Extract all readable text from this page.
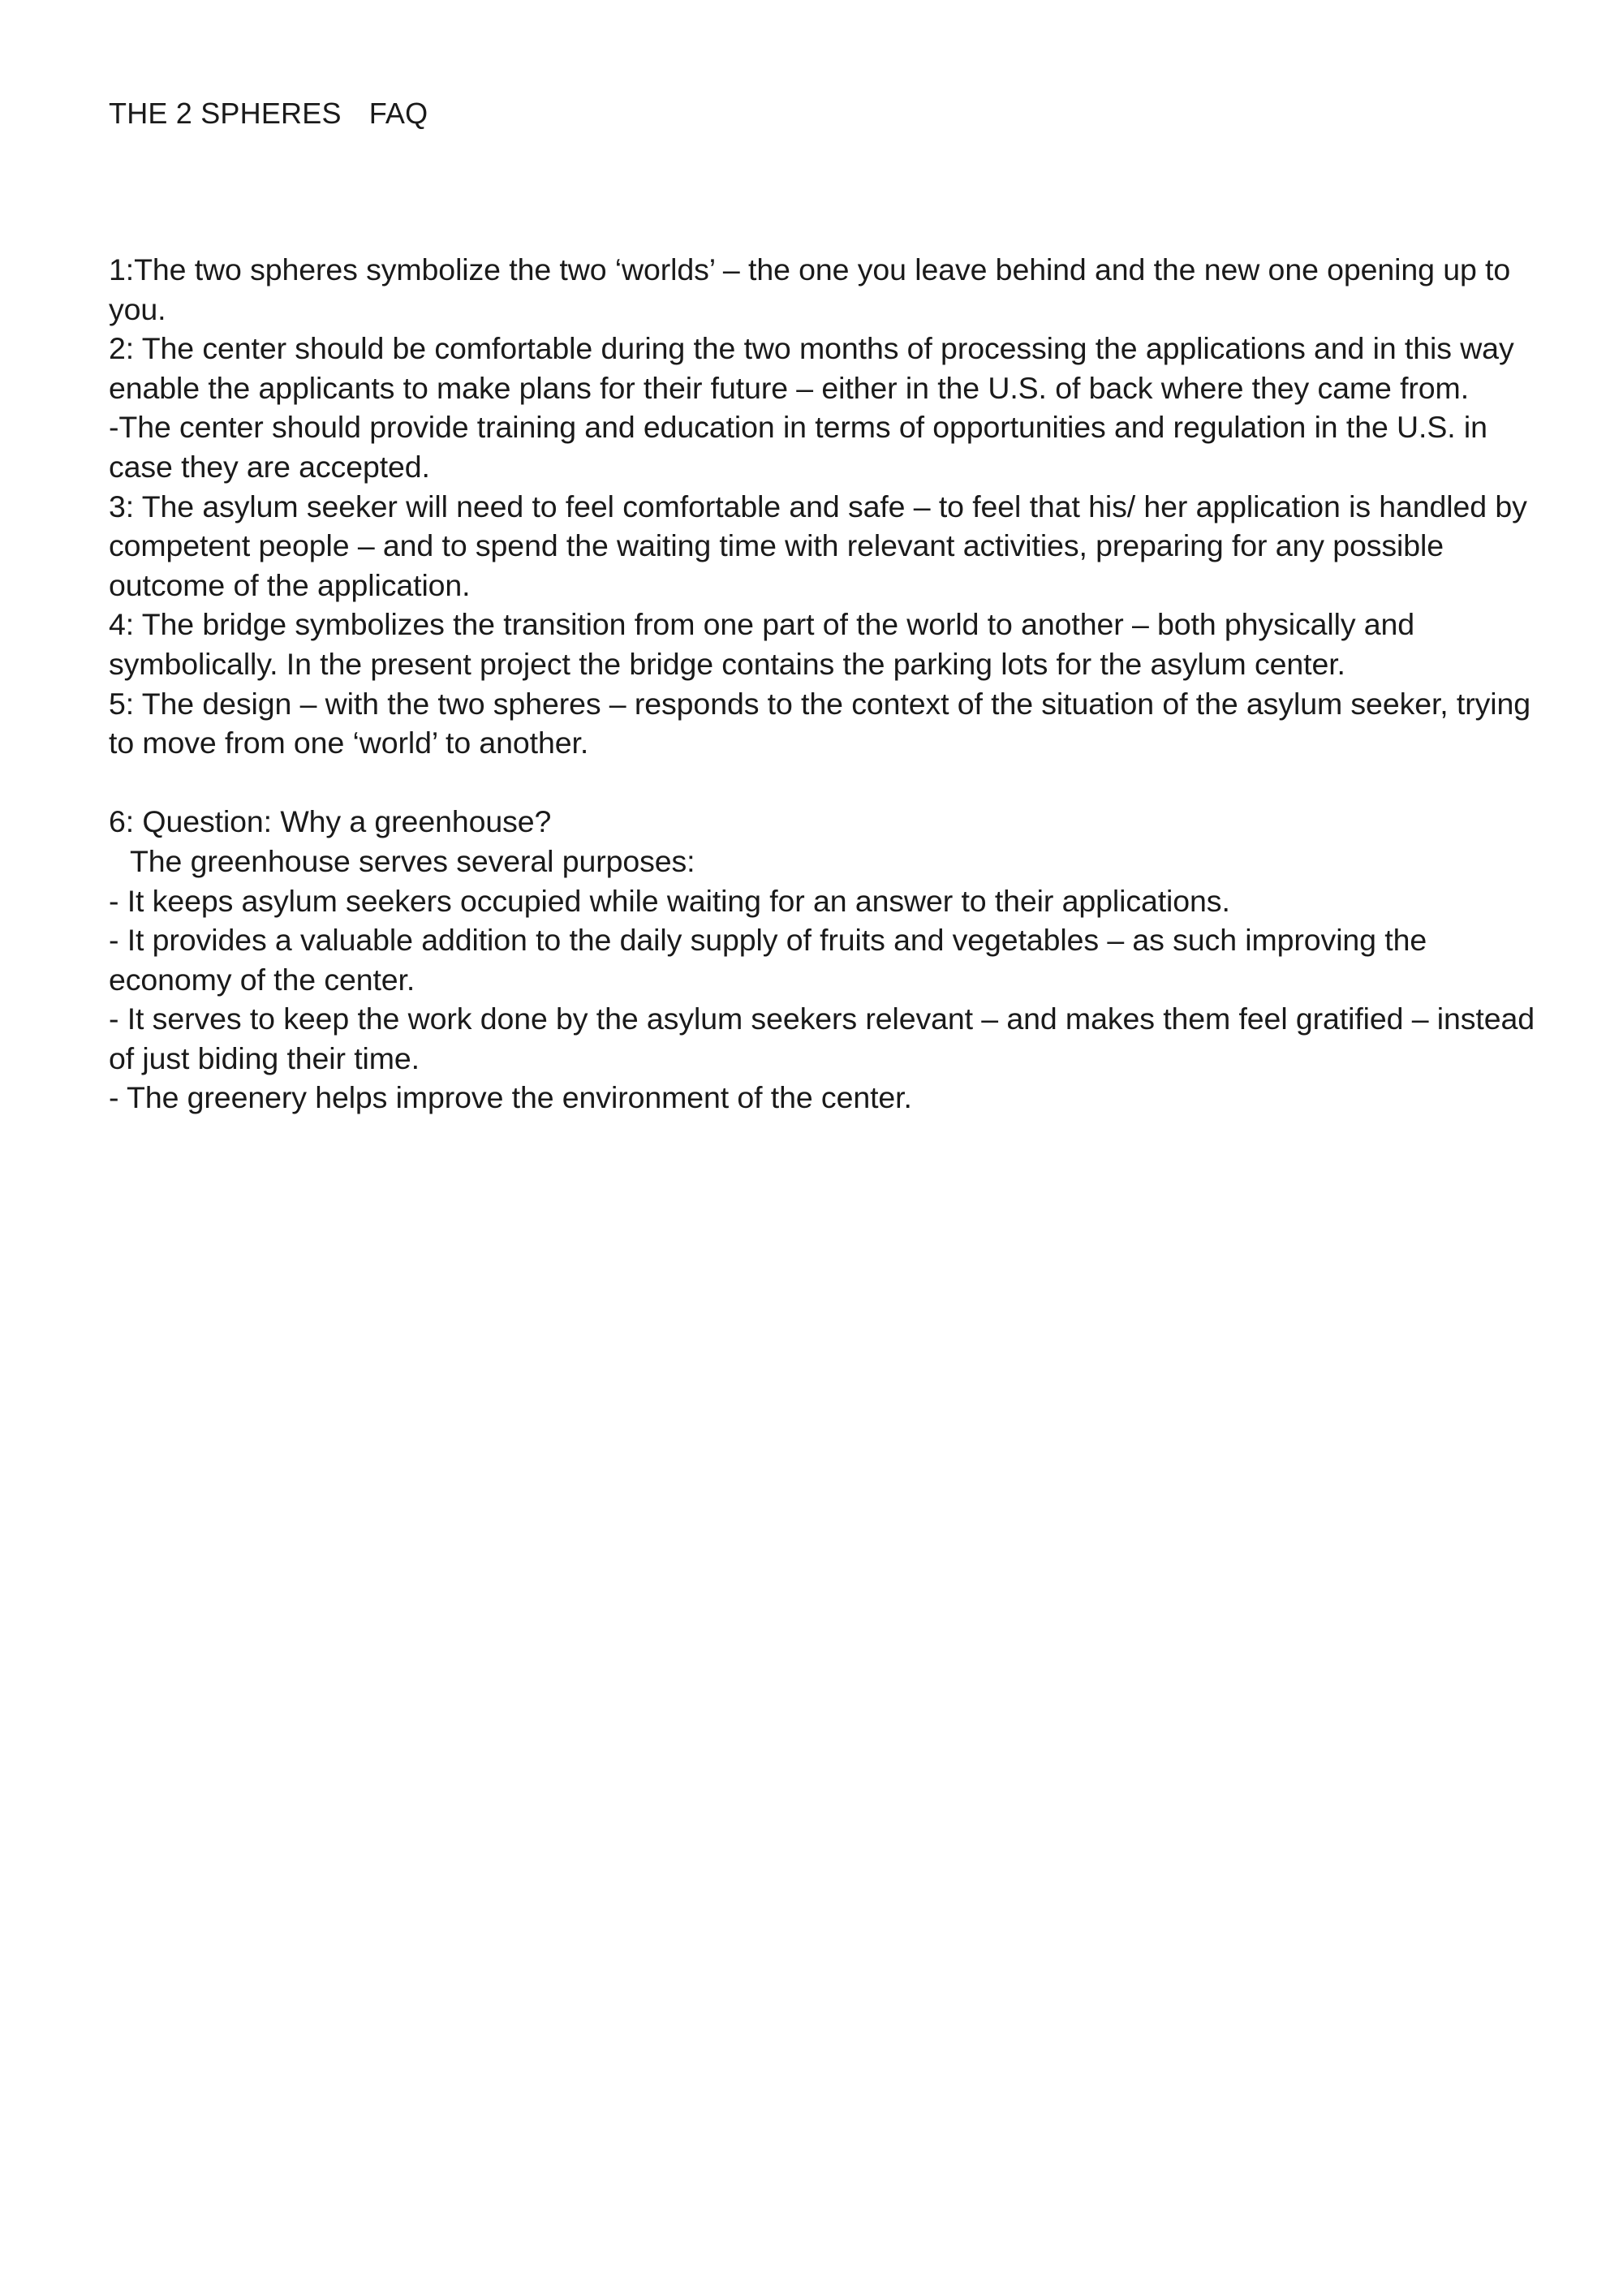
THE 2 SPHERES FAQ

1:The two spheres symbolize the two ‘worlds’ – the one you leave behind and the new one opening up to you.

2: The center should be comfortable during the two months of processing the applications and in this way enable the applicants to make plans for their future – either in the U.S. of back where they came from.

-The center should provide training and education in terms of opportunities and regulation in the U.S. in case they are accepted.

3: The asylum seeker will need to feel comfortable and safe – to feel that his/ her application is handled by competent people – and to spend the waiting time with relevant activities, preparing for any possible outcome of the application.

4: The bridge symbolizes the transition from one part of the world to another – both physically and symbolically. In the present project the bridge contains the parking lots for the asylum center.

5: The design – with the two spheres – responds to the context of the situation of the asylum seeker, trying to move from one ‘world’ to another.

6: Question: Why a greenhouse?

The greenhouse serves several purposes:

- It keeps asylum seekers occupied while waiting for an answer to their applications.

- It provides a valuable addition to the daily supply of fruits and vegetables – as such improving the economy of the center.

- It serves to keep the work done by the asylum seekers relevant – and makes them feel gratified – instead of just biding their time.

- The greenery helps improve the environment of the center.
